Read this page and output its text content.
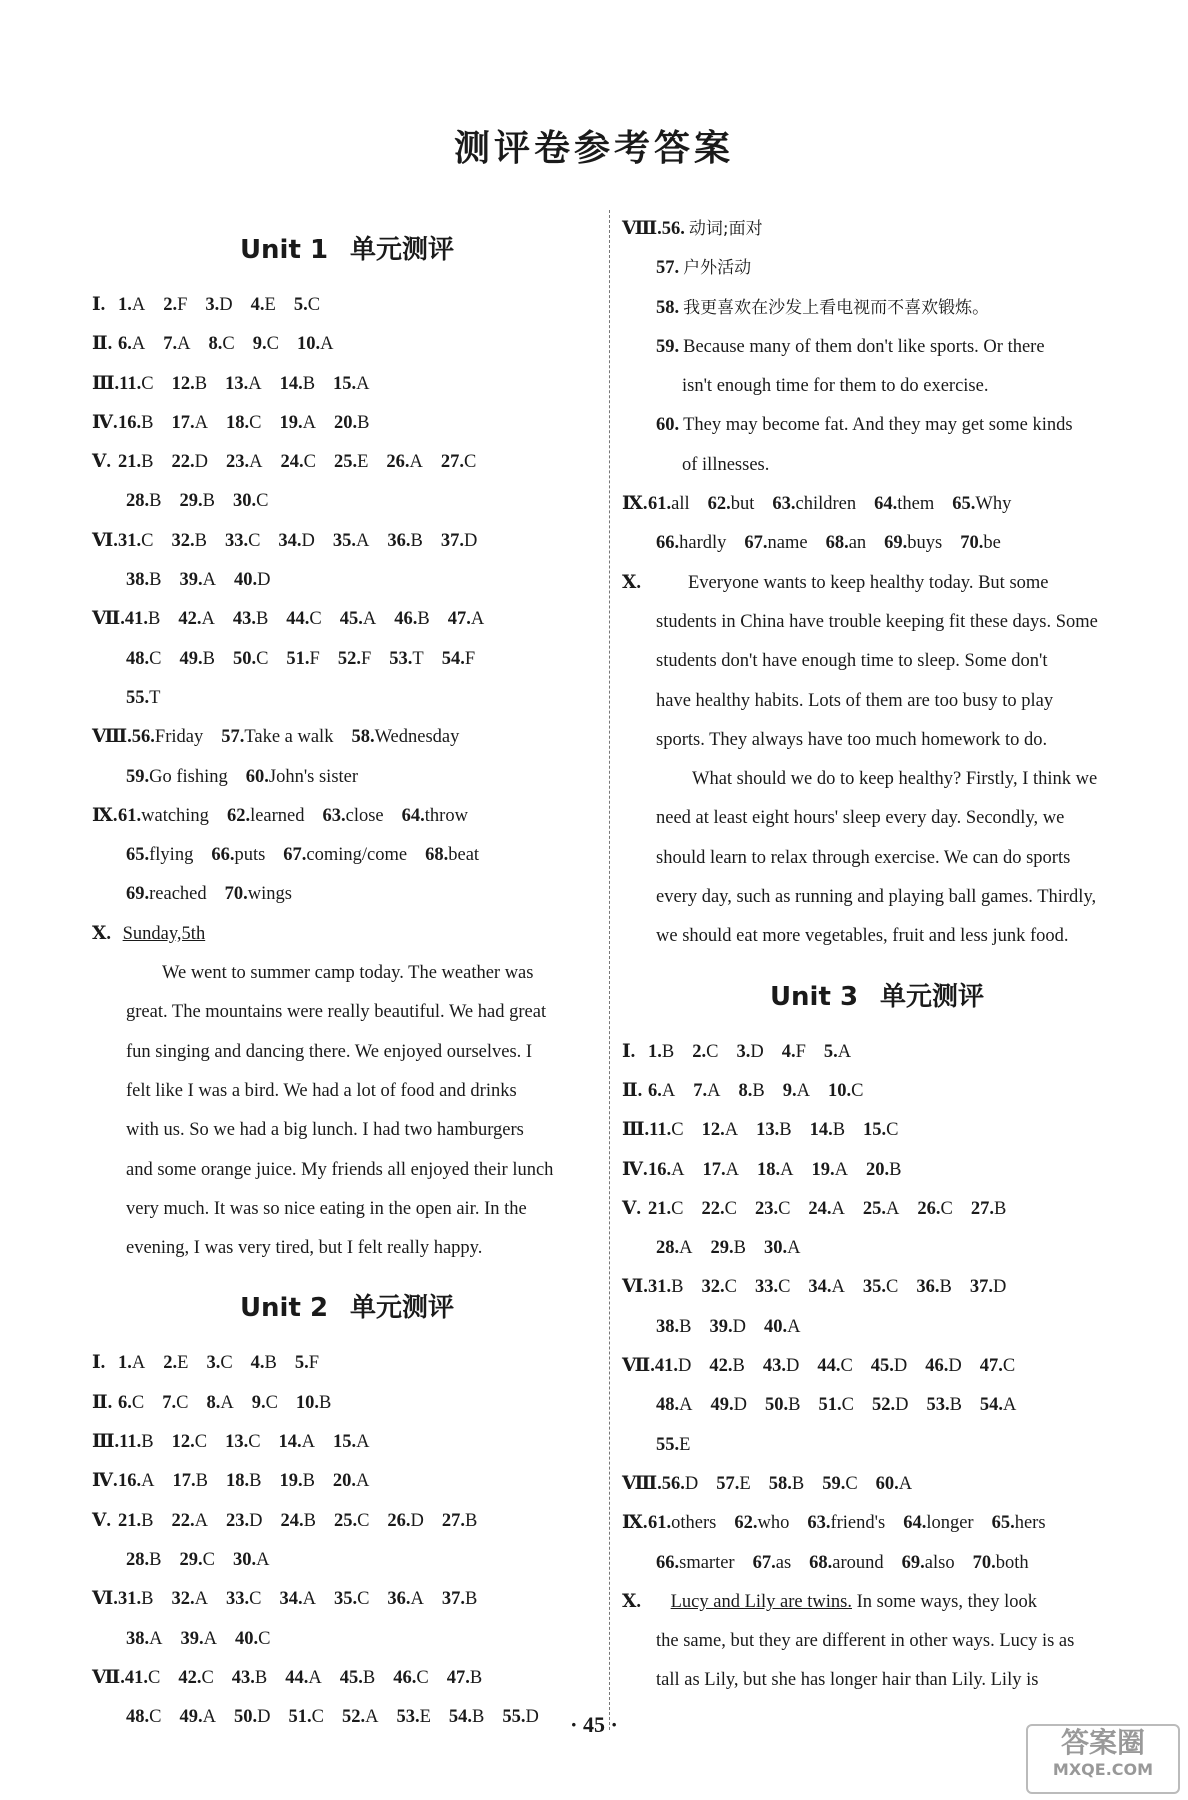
测评卷参考答案
Unit 1 单元测评
Ⅰ. 1.A 2.F 3.D 4.E 5.C
Ⅱ. 6.A 7.A 8.C 9.C 10.A
Ⅲ.11.C 12.B 13.A 14.B 15.A
Ⅳ.16.B 17.A 18.C 19.A 20.B
Ⅴ. 21.B 22.D 23.A 24.C 25.E 26.A 27.C
28.B 29.B 30.C
Ⅵ.31.C 32.B 33.C 34.D 35.A 36.B 37.D
38.B 39.A 40.D
Ⅶ.41.B 42.A 43.B 44.C 45.A 46.B 47.A
48.C 49.B 50.C 51.F 52.F 53.T 54.F
55.T
Ⅷ.56.Friday 57.Take a walk 58.Wednesday
59.Go fishing 60.John's sister
Ⅸ.61.watching 62.learned 63.close 64.throw
65.flying 66.puts 67.coming/come 68.beat
69.reached 70.wings
Ⅹ. Sunday,5th
We went to summer camp today. The weather was
great. The mountains were really beautiful. We had great
fun singing and dancing there. We enjoyed ourselves. I
felt like I was a bird. We had a lot of food and drinks
with us. So we had a big lunch. I had two hamburgers
and some orange juice. My friends all enjoyed their lunch
very much. It was so nice eating in the open air. In the
evening, I was very tired, but I felt really happy.
Unit 2 单元测评
Ⅰ. 1.A 2.E 3.C 4.B 5.F
Ⅱ. 6.C 7.C 8.A 9.C 10.B
Ⅲ.11.B 12.C 13.C 14.A 15.A
Ⅳ.16.A 17.B 18.B 19.B 20.A
Ⅴ. 21.B 22.A 23.D 24.B 25.C 26.D 27.B
28.B 29.C 30.A
Ⅵ.31.B 32.A 33.C 34.A 35.C 36.A 37.B
38.A 39.A 40.C
Ⅶ.41.C 42.C 43.B 44.A 45.B 46.C 47.B
48.C 49.A 50.D 51.C 52.A 53.E 54.B 55.D
Ⅷ.56. 动词;面对
57. 户外活动
58. 我更喜欢在沙发上看电视而不喜欢锻炼。
59. Because many of them don't like sports. Or there
isn't enough time for them to do exercise.
60. They may become fat. And they may get some kinds
of illnesses.
Ⅸ.61.all 62.but 63.children 64.them 65.Why
66.hardly 67.name 68.an 69.buys 70.be
Ⅹ.	Everyone wants to keep healthy today. But some
students in China have trouble keeping fit these days. Some
students don't have enough time to sleep. Some don't
have healthy habits. Lots of them are too busy to play
sports. They always have too much homework to do.
What should we do to keep healthy? Firstly, I think we
need at least eight hours' sleep every day. Secondly, we
should learn to relax through exercise. We can do sports
every day, such as running and playing ball games. Thirdly,
we should eat more vegetables, fruit and less junk food.
Unit 3 单元测评
Ⅰ. 1.B 2.C 3.D 4.F 5.A
Ⅱ. 6.A 7.A 8.B 9.A 10.C
Ⅲ.11.C 12.A 13.B 14.B 15.C
Ⅳ.16.A 17.A 18.A 19.A 20.B
Ⅴ. 21.C 22.C 23.C 24.A 25.A 26.C 27.B
28.A 29.B 30.A
Ⅵ.31.B 32.C 33.C 34.A 35.C 36.B 37.D
38.B 39.D 40.A
Ⅶ.41.D 42.B 43.D 44.C 45.D 46.D 47.C
48.A 49.D 50.B 51.C 52.D 53.B 54.A
55.E
Ⅷ.56.D 57.E 58.B 59.C 60.A
Ⅸ.61.others 62.who 63.friend's 64.longer 65.hers
66.smarter 67.as 68.around 69.also 70.both
Ⅹ. Lucy and Lily are twins. In some ways, they look
the same, but they are different in other ways. Lucy is as
tall as Lily, but she has longer hair than Lily. Lily is
· 45 ·
答案圈
MXQE.COM
